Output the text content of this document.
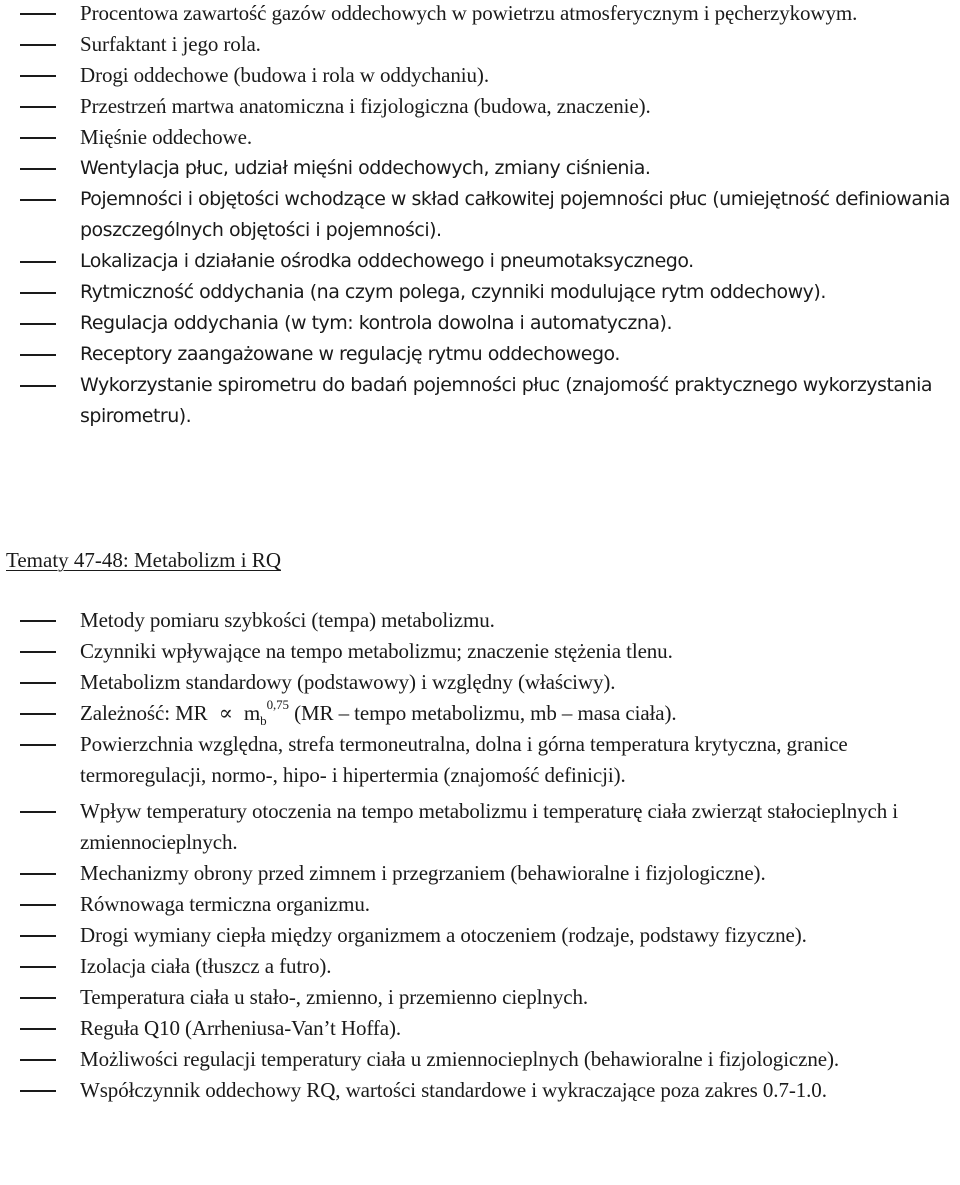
Procentowa zawartość gazów oddechowych w powietrzu atmosferycznym i pęcherzykowym.
Surfaktant i jego rola.
Drogi oddechowe (budowa i rola w oddychaniu).
Przestrzeń martwa anatomiczna i fizjologiczna (budowa, znaczenie).
Mięśnie oddechowe.
Wentylacja płuc, udział mięśni oddechowych, zmiany ciśnienia.
Pojemności i objętości wchodzące w skład całkowitej pojemności płuc (umiejętność definiowania poszczególnych objętości i pojemności).
Lokalizacja i działanie ośrodka oddechowego i pneumotaksycznego.
Rytmiczność oddychania (na czym polega, czynniki modulujące rytm oddechowy).
Regulacja oddychania (w tym: kontrola dowolna i automatyczna).
Receptory zaangażowane w regulację rytmu oddechowego.
Wykorzystanie spirometru do badań pojemności płuc (znajomość praktycznego wykorzystania spirometru).
Tematy 47-48: Metabolizm i RQ
Metody pomiaru szybkości (tempa) metabolizmu.
Czynniki wpływające na tempo metabolizmu; znaczenie stężenia tlenu.
Metabolizm standardowy (podstawowy) i względny (właściwy).
Zależność: MR ∝ $m_b^{0,75}$ (MR – tempo metabolizmu, mb – masa ciała).
Powierzchnia względna, strefa termoneutralna, dolna i górna temperatura krytyczna, granice termoregulacji, normo-, hipo- i hipertermia (znajomość definicji).
Wpływ temperatury otoczenia na tempo metabolizmu i temperaturę ciała zwierząt stałocieplnych i zmiennocieplnych.
Mechanizmy obrony przed zimnem i przegrzaniem (behawioralne i fizjologiczne).
Równowaga termiczna organizmu.
Drogi wymiany ciepła między organizmem a otoczeniem (rodzaje, podstawy fizyczne).
Izolacja ciała (tłuszcz a futro).
Temperatura ciała u stało-, zmienno, i przemienno cieplnych.
Reguła Q10 (Arrheniusa-Van’t Hoffa).
Możliwości regulacji temperatury ciała u zmiennocieplnych (behawioralne i fizjologiczne).
Współczynnik oddechowy RQ, wartości standardowe i wykraczające poza zakres 0.7-1.0.
